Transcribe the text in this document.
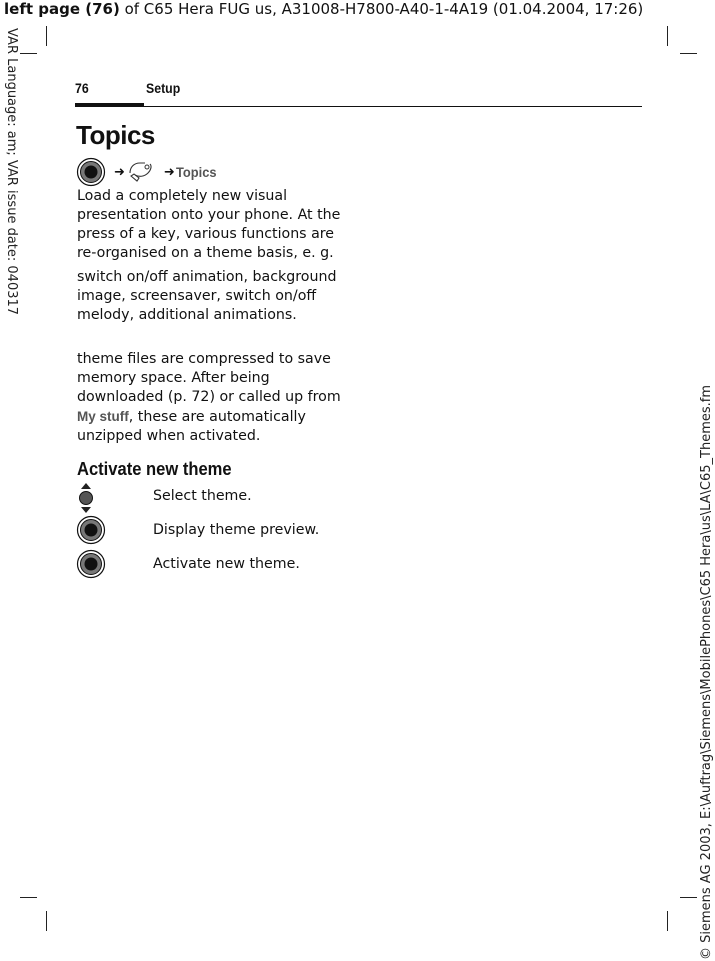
left page (76) of C65 Hera FUG us, A31008-H7800-A40-1-4A19 (01.04.2004, 17:26)
VAR Language: am; VAR issue date: 040317
© Siemens AG 2003, E:\Auftrag\Siemens\MobilePhones\C65 Hera\us\LA\C65_Themes.fm
76	Setup
Topics
➜	➜ Topics
Load a completely new visual presentation onto your phone. At the press of a key, various functions are re-organised on a theme basis, e. g.
switch on/off animation, background image, screensaver, switch on/off melody, additional animations.
theme files are compressed to save memory space. After being downloaded (p. 72) or called up from My stuff, these are automatically unzipped when activated.
Activate new theme
Select theme.
Display theme preview.
Activate new theme.
